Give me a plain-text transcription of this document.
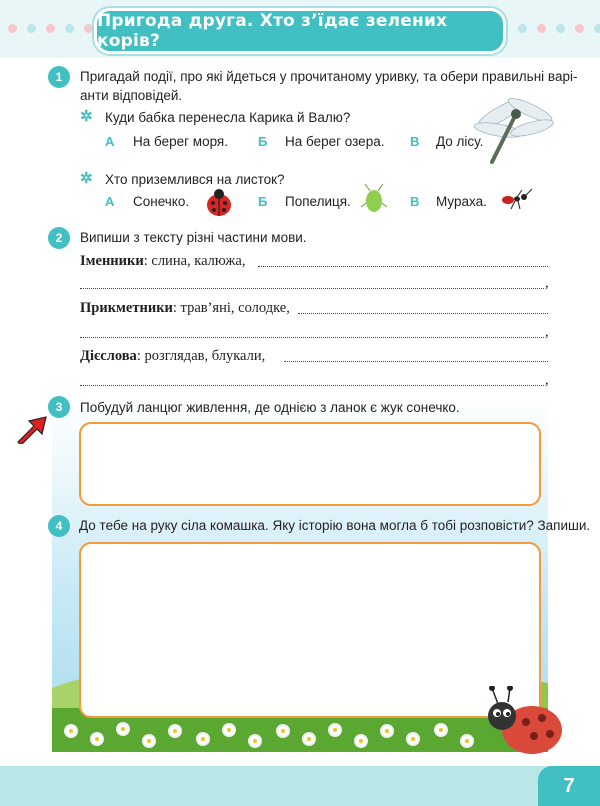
Пригода друга. Хто з’їдає зелених корів?
1	Пригадай події, про які йдеться у прочитаному уривку, та обери правильні варі-
анти відповідей.
✲ Куди бабка перенесла Карика й Валю?
А На берег моря. Б На берег озера. В До лісу.
✲ Хто приземлився на листок?
А Сонечко.	Б Попелиця.	В Мураха.
2	Випиши з тексту різні частини мови.
Іменники: слина, калюжа,
,
Прикметники: трав’яні, солодке,
,
Дієслова: розглядав, блукали,
,
3	Побудуй ланцюг живлення, де однією з ланок є жук сонечко.
4	До тебе на руку сіла комашка. Яку історію вона могла б тобі розповісти? Запиши.
7
